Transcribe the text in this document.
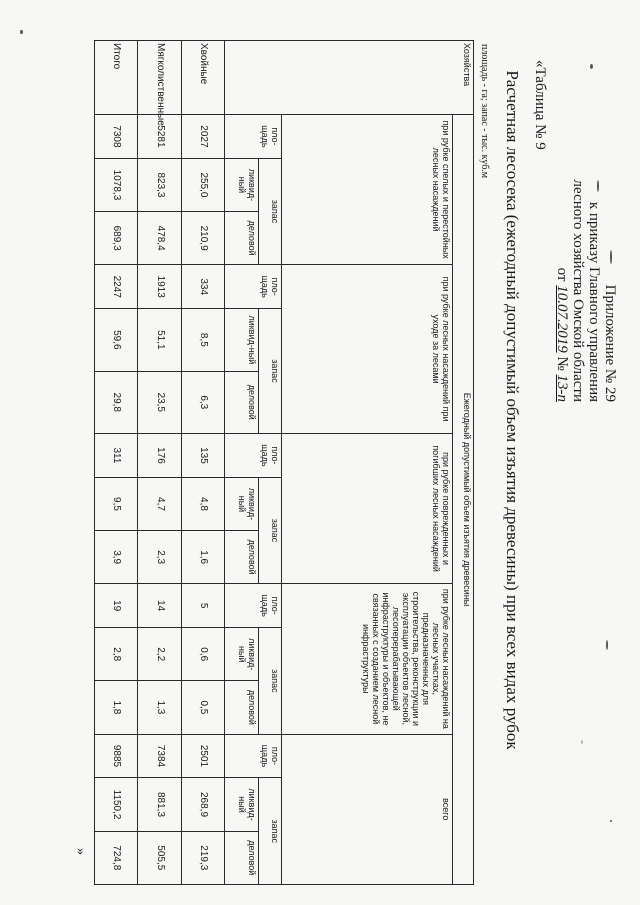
-
Приложение № 29
к приказу Главного управления
лесного хозяйства Омской области
от 10.07.2019 № 13-п
«Таблица № 9
Расчетная лесосека (ежегодный допустимый объем изъятия древесины) при всех видах рубок
площадь - га; запас - тыс. куб.м
Хозяйства	Ежегодный допустимый объем изъятия древесины														
	при рубке спелых и перестойных лесных насаждений			при рубке лесных насаждений при уходе за лесами			при рубке поврежденных и погибших лесных насаждений			при рубке лесных насаждений на лесных участках, предназначенных для строительства, реконструкции и эксплуатации объектов лесной, лесоперерабатывающей инфраструктуры и объектов, не связанных с созданием лесной инфраструктуры			всего		
	пло-щадь	запас		пло-щадь	запас		пло-щадь	запас		пло-щадь	запас		пло-щадь	запас	
		ликвид-ный	деловой		ликвид-ный	деловой		ликвид-ный	деловой		ликвид-ный	деловой		ликвид-ный	деловой
Хвойные	2027	255,0	210,9	334	8,5	6,3	135	4,8	1,6	5	0,6	0,5	2501	268,9	219,3
Мягколиственные	5281	823,3	478,4	1913	51,1	23,5	176	4,7	2,3	14	2,2	1,3	7384	881,3	505,5
Итого	7308	1078,3	689,3	2247	59,6	29,8	311	9,5	3,9	19	2,8	1,8	9885	1150,2	724,8
»
